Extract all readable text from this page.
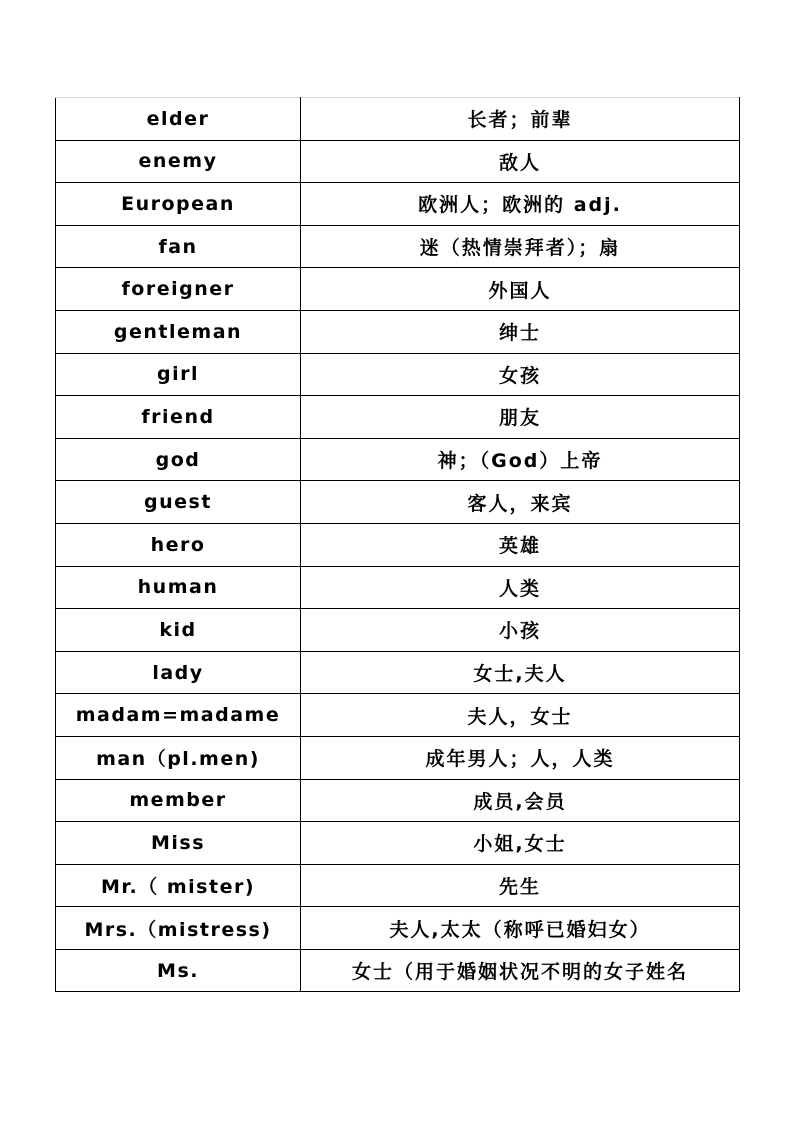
elder	长者；前辈
enemy	敌人
European	欧洲人；欧洲的 adj.
fan	迷（热情崇拜者）；扇
foreigner	外国人
gentleman	绅士
girl	女孩
friend	朋友
god	神；（God）上帝
guest	客人，来宾
hero	英雄
human	人类
kid	小孩
lady	女士,夫人
madam=madame	夫人，女士
man（pl.men)	成年男人；人，人类
member	成员,会员
Miss	小姐,女士
Mr.（ mister)	先生
Mrs.（mistress)	夫人,太太（称呼已婚妇女）
Ms.	女士（用于婚姻状况不明的女子姓名
